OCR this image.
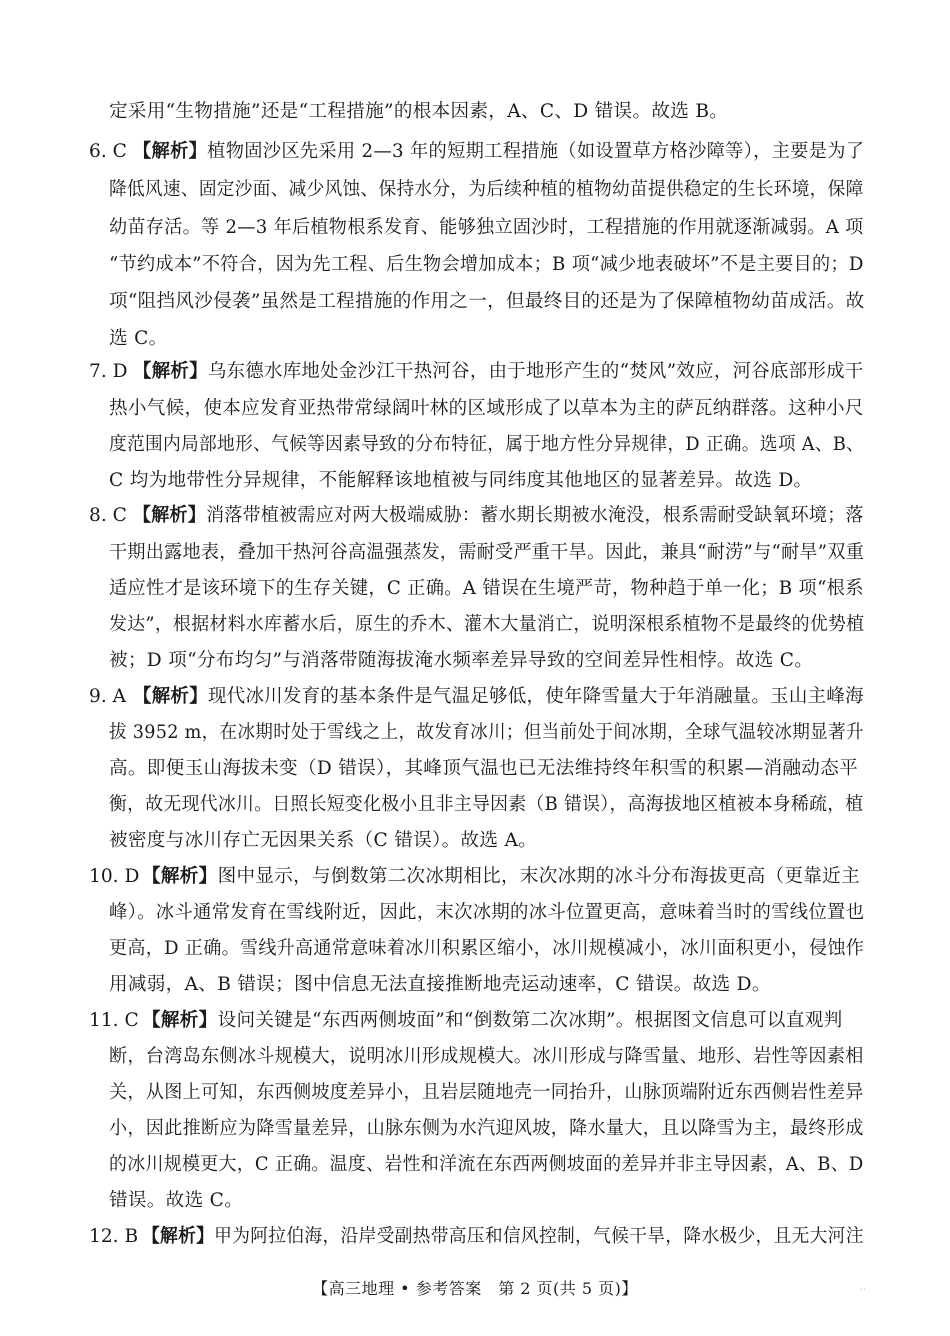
定采用“生物措施”还是“工程措施”的根本因素，A、C、D 错误。故选 B。
6. C 【解析】植物固沙区先采用 2—3 年的短期工程措施（如设置草方格沙障等），主要是为了
降低风速、固定沙面、减少风蚀、保持水分，为后续种植的植物幼苗提供稳定的生长环境，保障
幼苗存活。等 2—3 年后植物根系发育、能够独立固沙时，工程措施的作用就逐渐减弱。A 项
“节约成本”不符合，因为先工程、后生物会增加成本；B 项“减少地表破坏”不是主要目的；D
项“阻挡风沙侵袭”虽然是工程措施的作用之一，但最终目的还是为了保障植物幼苗成活。故
选 C。
7. D 【解析】乌东德水库地处金沙江干热河谷，由于地形产生的“焚风”效应，河谷底部形成干
热小气候，使本应发育亚热带常绿阔叶林的区域形成了以草本为主的萨瓦纳群落。这种小尺
度范围内局部地形、气候等因素导致的分布特征，属于地方性分异规律，D 正确。选项 A、B、
C 均为地带性分异规律，不能解释该地植被与同纬度其他地区的显著差异。故选 D。
8. C 【解析】消落带植被需应对两大极端威胁：蓄水期长期被水淹没，根系需耐受缺氧环境；落
干期出露地表，叠加干热河谷高温强蒸发，需耐受严重干旱。因此，兼具“耐涝”与“耐旱”双重
适应性才是该环境下的生存关键，C 正确。A 错误在生境严苛，物种趋于单一化；B 项“根系
发达”，根据材料水库蓄水后，原生的乔木、灌木大量消亡，说明深根系植物不是最终的优势植
被；D 项“分布均匀”与消落带随海拔淹水频率差异导致的空间差异性相悖。故选 C。
9. A 【解析】现代冰川发育的基本条件是气温足够低，使年降雪量大于年消融量。玉山主峰海
拔 3952 m，在冰期时处于雪线之上，故发育冰川；但当前处于间冰期，全球气温较冰期显著升
高。即便玉山海拔未变（D 错误），其峰顶气温也已无法维持终年积雪的积累—消融动态平
衡，故无现代冰川。日照长短变化极小且非主导因素（B 错误），高海拔地区植被本身稀疏，植
被密度与冰川存亡无因果关系（C 错误）。故选 A。
10. D 【解析】图中显示，与倒数第二次冰期相比，末次冰期的冰斗分布海拔更高（更靠近主
峰）。冰斗通常发育在雪线附近，因此，末次冰期的冰斗位置更高，意味着当时的雪线位置也
更高，D 正确。雪线升高通常意味着冰川积累区缩小，冰川规模减小，冰川面积更小，侵蚀作
用减弱，A、B 错误；图中信息无法直接推断地壳运动速率，C 错误。故选 D。
11. C 【解析】设问关键是“东西两侧坡面”和“倒数第二次冰期”。根据图文信息可以直观判
断，台湾岛东侧冰斗规模大，说明冰川形成规模大。冰川形成与降雪量、地形、岩性等因素相
关，从图上可知，东西侧坡度差异小，且岩层随地壳一同抬升，山脉顶端附近东西侧岩性差异
小，因此推断应为降雪量差异，山脉东侧为水汽迎风坡，降水量大，且以降雪为主，最终形成
的冰川规模更大，C 正确。温度、岩性和洋流在东西两侧坡面的差异并非主导因素，A、B、D
错误。故选 C。
12. B 【解析】甲为阿拉伯海，沿岸受副热带高压和信风控制，气候干旱，降水极少，且无大河注
【高三地理 • 参考答案　第 2 页(共 5 页)】	..
